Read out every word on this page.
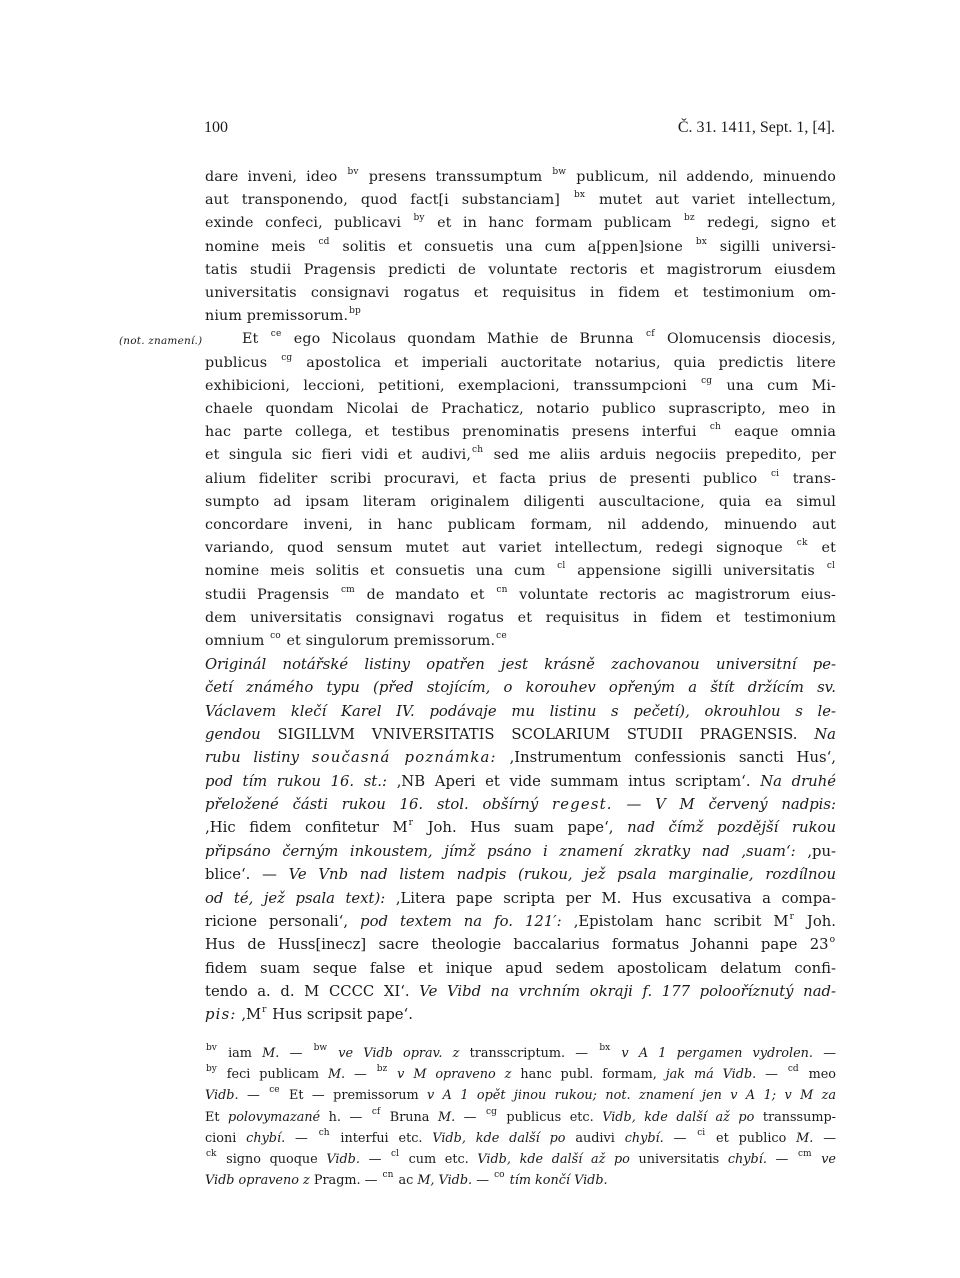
100	Č. 31. 1411, Sept. 1, [4].
(not. znamení.)
dare inveni, ideo $^{bv}$ presens transsumptum $^{bw}$ publicum, nil addendo, minuendo
aut transponendo, quod fact[i substanciam] $^{bx}$ mutet aut variet intellectum,
exinde confeci, publicavi $^{by}$ et in hanc formam publicam $^{bz}$ redegi, signo et
nomine meis $^{cd}$ solitis et consuetis una cum a[ppen]sione $^{bx}$ sigilli universi-
tatis studii Pragensis predicti de voluntate rectoris et magistrorum eiusdem
universitatis consignavi rogatus et requisitus in fidem et testimonium om-
nium premissorum.$^{bp}$
Et $^{ce}$ ego Nicolaus quondam Mathie de Brunna $^{cf}$ Olomucensis diocesis,
publicus $^{cg}$ apostolica et imperiali auctoritate notarius, quia predictis litere
exhibicioni, leccioni, petitioni, exemplacioni, transsumpcioni $^{cg}$ una cum Mi-
chaele quondam Nicolai de Prachaticz, notario publico suprascripto, meo in
hac parte collega, et testibus prenominatis presens interfui $^{ch}$ eaque omnia
et singula sic fieri vidi et audivi,$^{ch}$ sed me aliis arduis negociis prepedito, per
alium fideliter scribi procuravi, et facta prius de presenti publico $^{ci}$ trans-
sumpto ad ipsam literam originalem diligenti auscultacione, quia ea simul
concordare inveni, in hanc publicam formam, nil addendo, minuendo aut
variando, quod sensum mutet aut variet intellectum, redegi signoque $^{ck}$ et
nomine meis solitis et consuetis una cum $^{cl}$ appensione sigilli universitatis $^{cl}$
studii Pragensis $^{cm}$ de mandato et $^{cn}$ voluntate rectoris ac magistrorum eius-
dem universitatis consignavi rogatus et requisitus in fidem et testimonium
omnium $^{co}$ et singulorum premissorum.$^{ce}$
Originál notářské listiny opatřen jest krásně zachovanou universitní pe-
četí známého typu (před stojícím, o korouhev opřeným a štít držícím sv.
Václavem klečí Karel IV. podávaje mu listinu s pečetí), okrouhlou s le-
gendou SIGILLVM VNIVERSITATIS SCOLARIUM STUDII PRAGENSIS. Na
rubu listiny současná poznámka: ‚Instrumentum confessionis sancti Hus‘,
pod tím rukou 16. st.: ‚NB Aperi et vide summam intus scriptam‘. Na druhé
přeložené části rukou 16. stol. obšírný regest. — V M červený nadpis:
‚Hic fidem confitetur $M^r$ Joh. Hus suam pape‘, nad čímž pozdější rukou
připsáno černým inkoustem, jímž psáno i znamení zkratky nad ‚suam‘: ‚pu-
blice‘. — Ve Vnb nad listem nadpis (rukou, jež psala marginalie, rozdílnou
od té, jež psala text): ‚Litera pape scripta per M. Hus excusativa a compa-
ricione personali‘, pod textem na fo. 121′: ‚Epistolam hanc scribit $M^r$ Joh.
Hus de Huss[inecz] sacre theologie baccalarius formatus Johanni pape 23$^o$
fidem suam seque false et inique apud sedem apostolicam delatum confi-
tendo a. d. M CCCC XI‘. Ve Vibd na vrchním okraji f. 177 polooříznutý nad-
pis: $‚M^r$ Hus scripsit pape‘.
$^{bv}$ iam M. — $^{bw}$ ve Vidb oprav. z transscriptum. — $^{bx}$ v A 1 pergamen vydrolen. —
$^{by}$ feci publicam M. — $^{bz}$ v M opraveno z hanc publ. formam, jak má Vidb. — $^{cd}$ meo
Vidb. — $^{ce}$ Et — premissorum v A 1 opět jinou rukou; not. znamení jen v A 1; v M za
Et polovymazané h. — $^{cf}$ Bruna M. — $^{cg}$ publicus etc. Vidb, kde další až po transsump-
cioni chybí. — $^{ch}$ interfui etc. Vidb, kde další po audivi chybí. — $^{ci}$ et publico M. —
$^{ck}$ signo quoque Vidb. — $^{cl}$ cum etc. Vidb, kde další až po universitatis chybí. — $^{cm}$ ve
Vidb opraveno z Pragm. — $^{cn}$ ac M, Vidb. — $^{co}$ tím končí Vidb.
